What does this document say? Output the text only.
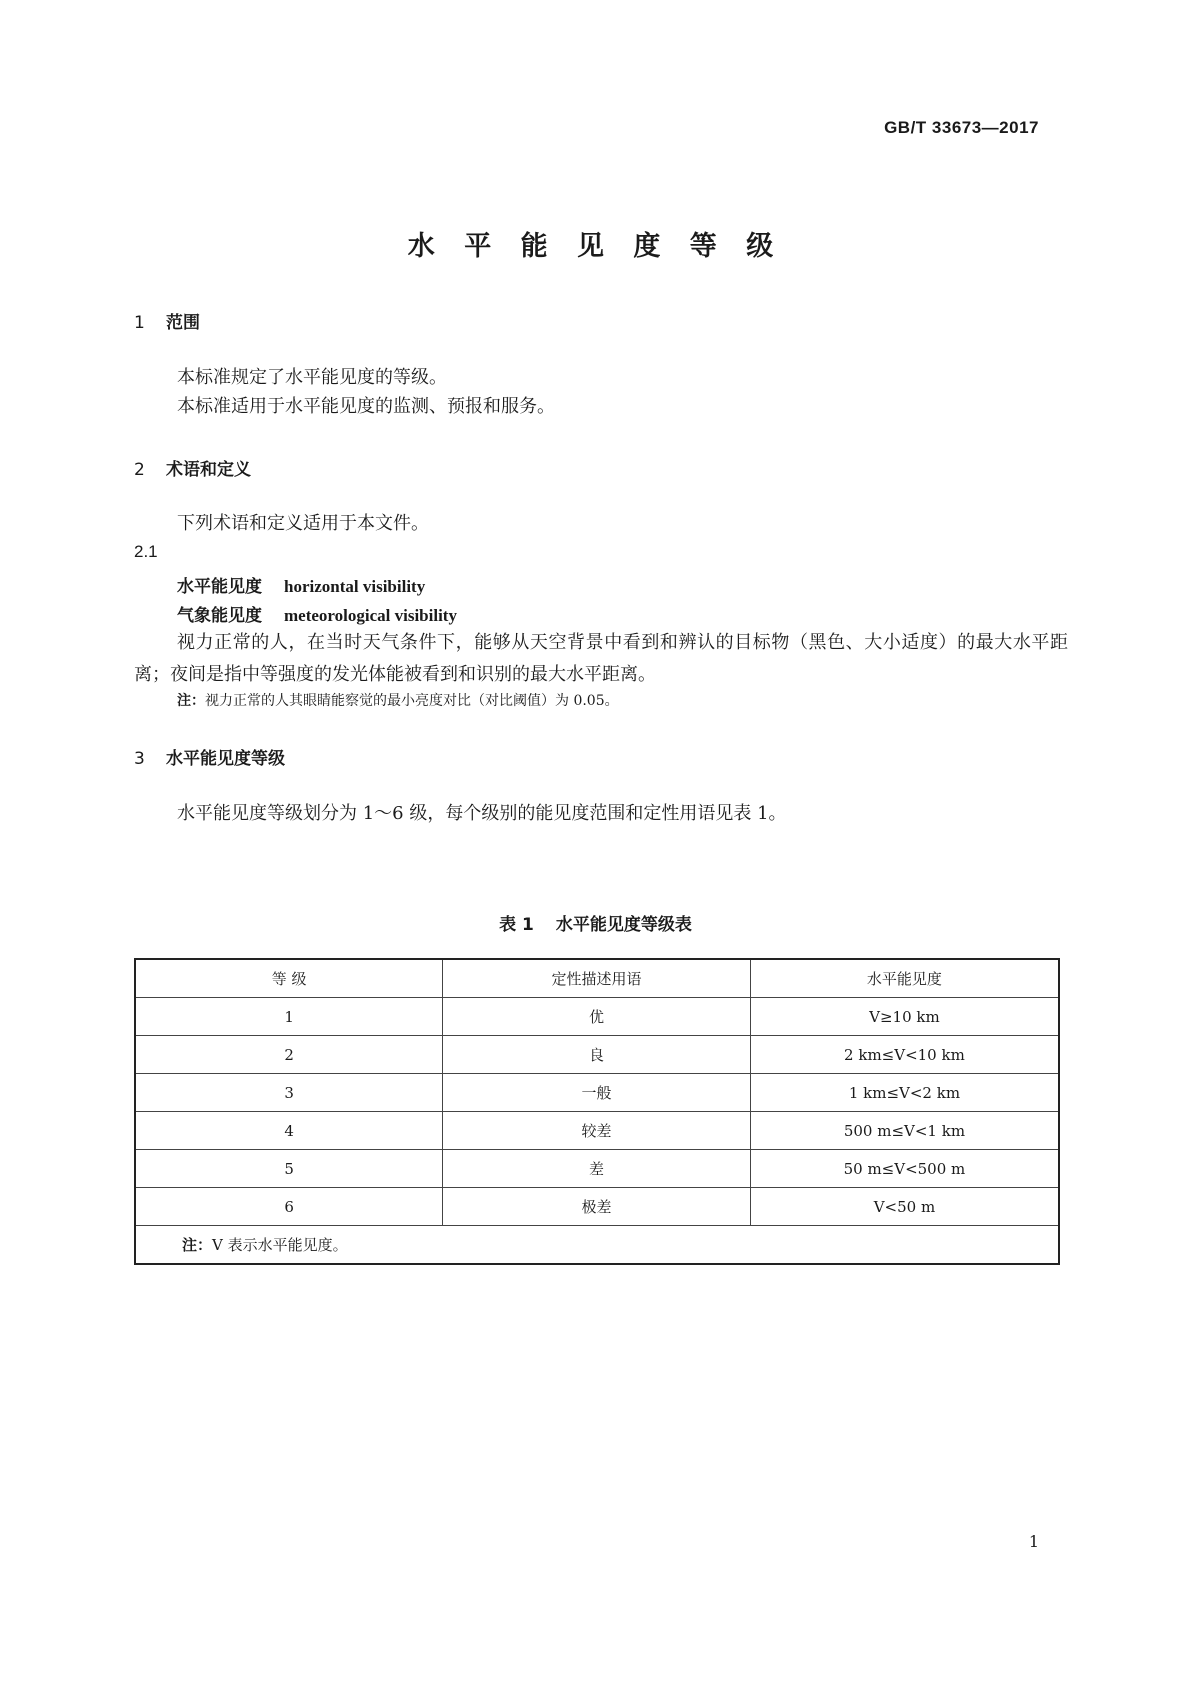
GB/T 33673—2017
水 平 能 见 度 等 级
1 范围
本标准规定了水平能见度的等级。
本标准适用于水平能见度的监测、预报和服务。
2 术语和定义
下列术语和定义适用于本文件。
2.1
水平能见度 horizontal visibility
气象能见度 meteorological visibility
视力正常的人，在当时天气条件下，能够从天空背景中看到和辨认的目标物（黑色、大小适度）的最大水平距离；夜间是指中等强度的发光体能被看到和识别的最大水平距离。
注：视力正常的人其眼睛能察觉的最小亮度对比（对比阈值）为 0.05。
3 水平能见度等级
水平能见度等级划分为 1～6 级，每个级别的能见度范围和定性用语见表 1。
表 1 水平能见度等级表
等 级	定性描述用语	水平能见度
1	优	V≥10 km
2	良	2 km≤V<10 km
3	一般	1 km≤V<2 km
4	较差	500 m≤V<1 km
5	差	50 m≤V<500 m
6	极差	V<50 m
注：V 表示水平能见度。		
1
